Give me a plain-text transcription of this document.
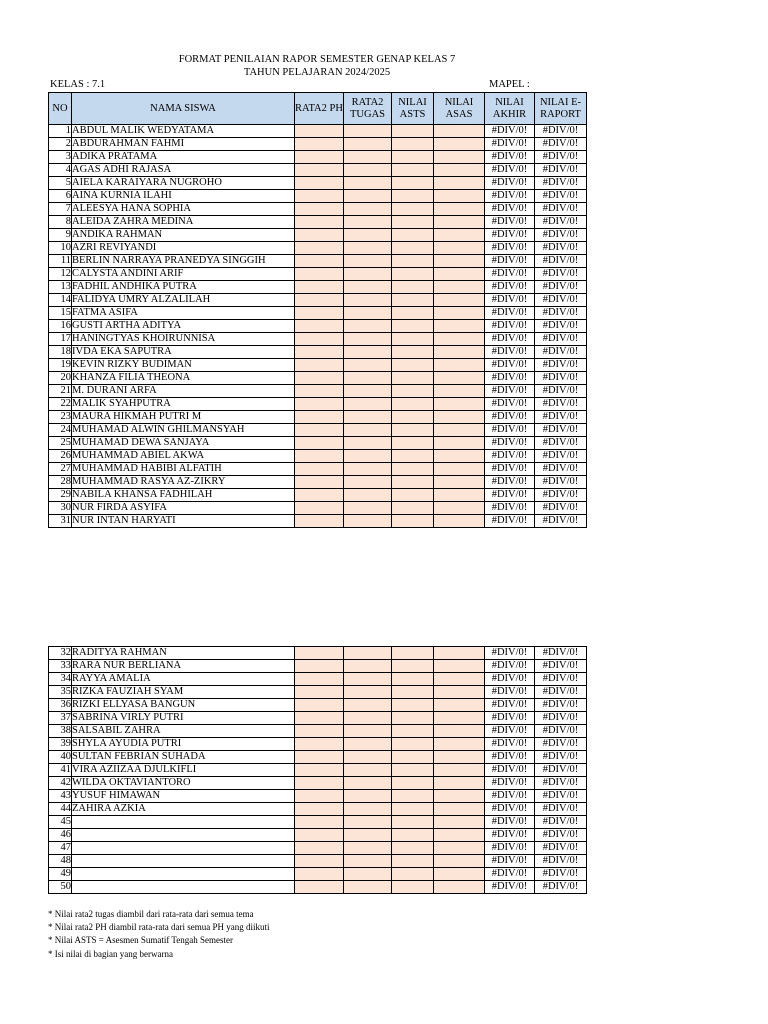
FORMAT PENILAIAN RAPOR SEMESTER GENAP KELAS 7
TAHUN PELAJARAN 2024/2025
KELAS : 7.1	MAPEL :
NO	NAMA SISWA	RATA2 PH	RATA2 TUGAS	NILAI ASTS	NILAI ASAS	NILAI AKHIR	NILAI E-RAPORT
1	ABDUL MALIK WEDYATAMA					#DIV/0!	#DIV/0!
2	ABDURAHMAN FAHMI					#DIV/0!	#DIV/0!
3	ADIKA PRATAMA					#DIV/0!	#DIV/0!
4	AGAS ADHI RAJASA					#DIV/0!	#DIV/0!
5	AIELA KARAIYARA NUGROHO					#DIV/0!	#DIV/0!
6	AINA KURNIA ILAHI					#DIV/0!	#DIV/0!
7	ALEESYA HANA SOPHIA					#DIV/0!	#DIV/0!
8	ALEIDA ZAHRA MEDINA					#DIV/0!	#DIV/0!
9	ANDIKA RAHMAN					#DIV/0!	#DIV/0!
10	AZRI REVIYANDI					#DIV/0!	#DIV/0!
11	BERLIN NARRAYA PRANEDYA SINGGIH					#DIV/0!	#DIV/0!
12	CALYSTA ANDINI ARIF					#DIV/0!	#DIV/0!
13	FADHIL ANDHIKA PUTRA					#DIV/0!	#DIV/0!
14	FALIDYA UMRY ALZALILAH					#DIV/0!	#DIV/0!
15	FATMA ASIFA					#DIV/0!	#DIV/0!
16	GUSTI ARTHA ADITYA					#DIV/0!	#DIV/0!
17	HANINGTYAS KHOIRUNNISA					#DIV/0!	#DIV/0!
18	IVDA EKA SAPUTRA					#DIV/0!	#DIV/0!
19	KEVIN RIZKY BUDIMAN					#DIV/0!	#DIV/0!
20	KHANZA FILIA THEONA					#DIV/0!	#DIV/0!
21	M. DURANI ARFA					#DIV/0!	#DIV/0!
22	MALIK SYAHPUTRA					#DIV/0!	#DIV/0!
23	MAURA HIKMAH PUTRI M					#DIV/0!	#DIV/0!
24	MUHAMAD ALWIN GHILMANSYAH					#DIV/0!	#DIV/0!
25	MUHAMAD DEWA SANJAYA					#DIV/0!	#DIV/0!
26	MUHAMMAD ABIEL AKWA					#DIV/0!	#DIV/0!
27	MUHAMMAD HABIBI ALFATIH					#DIV/0!	#DIV/0!
28	MUHAMMAD RASYA AZ-ZIKRY					#DIV/0!	#DIV/0!
29	NABILA KHANSA FADHILAH					#DIV/0!	#DIV/0!
30	NUR FIRDA ASYIFA					#DIV/0!	#DIV/0!
31	NUR INTAN HARYATI					#DIV/0!	#DIV/0!
32	RADITYA RAHMAN					#DIV/0!	#DIV/0!
33	RARA NUR BERLIANA					#DIV/0!	#DIV/0!
34	RAYYA AMALIA					#DIV/0!	#DIV/0!
35	RIZKA FAUZIAH SYAM					#DIV/0!	#DIV/0!
36	RIZKI ELLYASA BANGUN					#DIV/0!	#DIV/0!
37	SABRINA VIRLY PUTRI					#DIV/0!	#DIV/0!
38	SALSABIL ZAHRA					#DIV/0!	#DIV/0!
39	SHYLA AYUDIA PUTRI					#DIV/0!	#DIV/0!
40	SULTAN FEBRIAN SUHADA					#DIV/0!	#DIV/0!
41	VIRA AZIIZAA DJULKIFLI					#DIV/0!	#DIV/0!
42	WILDA OKTAVIANTORO					#DIV/0!	#DIV/0!
43	YUSUF HIMAWAN					#DIV/0!	#DIV/0!
44	ZAHIRA AZKIA					#DIV/0!	#DIV/0!
45						#DIV/0!	#DIV/0!
46						#DIV/0!	#DIV/0!
47						#DIV/0!	#DIV/0!
48						#DIV/0!	#DIV/0!
49						#DIV/0!	#DIV/0!
50						#DIV/0!	#DIV/0!
* Nilai rata2 tugas diambil dari rata-rata dari semua tema
* Nilai rata2 PH diambil rata-rata dari semua PH yang diikuti
* Nilai ASTS = Asesmen Sumatif Tengah Semester
* Isi nilai di bagian yang berwarna
